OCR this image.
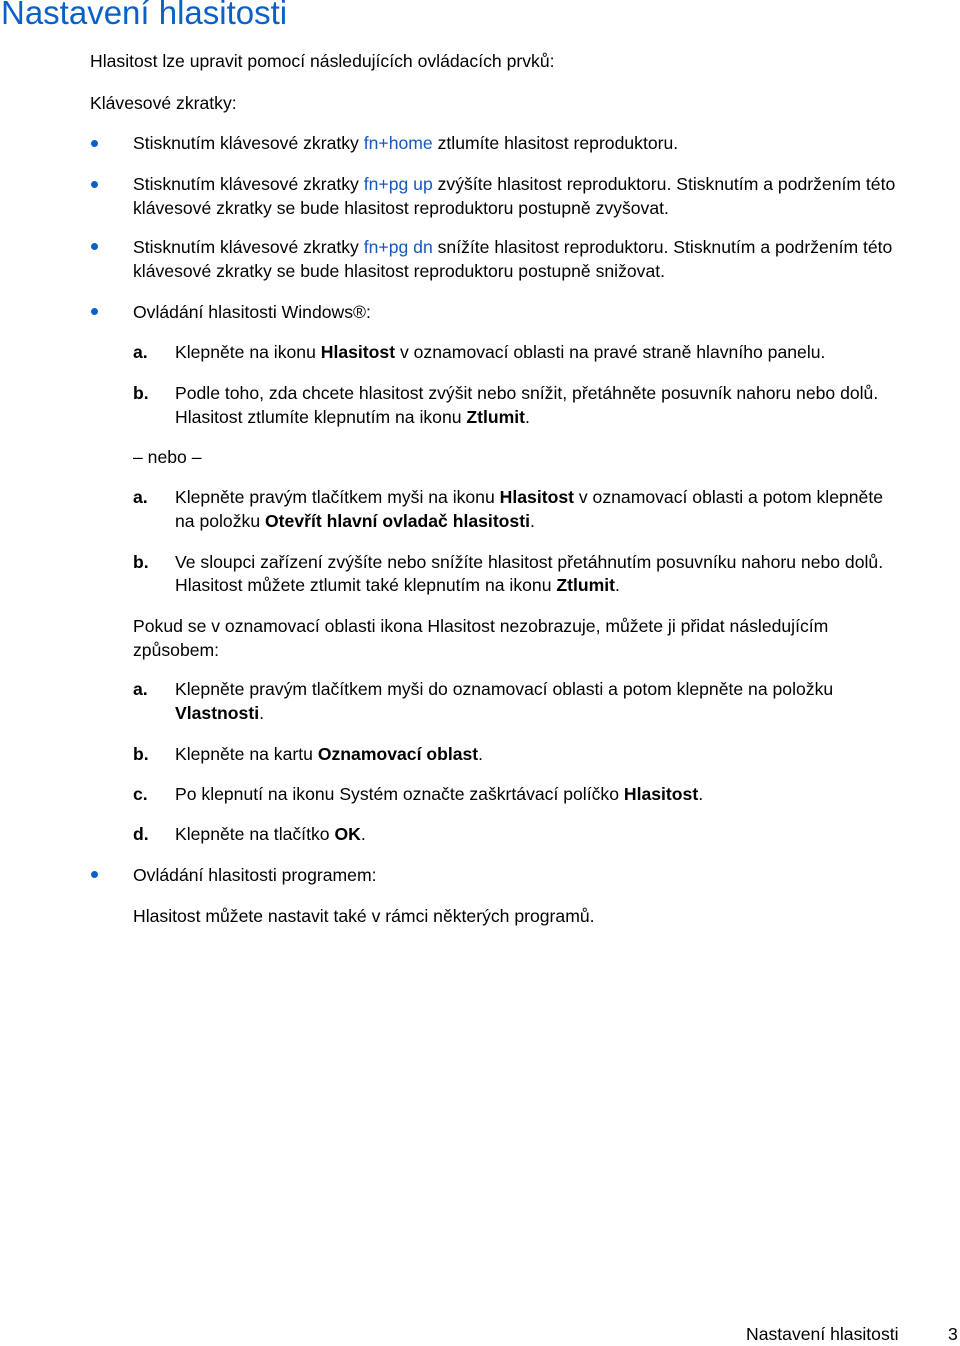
Nastavení hlasitosti
Hlasitost lze upravit pomocí následujících ovládacích prvků:
Klávesové zkratky:
Stisknutím klávesové zkratky fn+home ztlumíte hlasitost reproduktoru.
Stisknutím klávesové zkratky fn+pg up zvýšíte hlasitost reproduktoru. Stisknutím a podržením této
klávesové zkratky se bude hlasitost reproduktoru postupně zvyšovat.
Stisknutím klávesové zkratky fn+pg dn snížíte hlasitost reproduktoru. Stisknutím a podržením této
klávesové zkratky se bude hlasitost reproduktoru postupně snižovat.
Ovládání hlasitosti Windows®:
a. Klepněte na ikonu Hlasitost v oznamovací oblasti na pravé straně hlavního panelu.
b. Podle toho, zda chcete hlasitost zvýšit nebo snížit, přetáhněte posuvník nahoru nebo dolů.
Hlasitost ztlumíte klepnutím na ikonu Ztlumit.
– nebo –
a. Klepněte pravým tlačítkem myši na ikonu Hlasitost v oznamovací oblasti a potom klepněte
na položku Otevřít hlavní ovladač hlasitosti.
b. Ve sloupci zařízení zvýšíte nebo snížíte hlasitost přetáhnutím posuvníku nahoru nebo dolů.
Hlasitost můžete ztlumit také klepnutím na ikonu Ztlumit.
Pokud se v oznamovací oblasti ikona Hlasitost nezobrazuje, můžete ji přidat následujícím
způsobem:
a. Klepněte pravým tlačítkem myši do oznamovací oblasti a potom klepněte na položku
Vlastnosti.
b. Klepněte na kartu Oznamovací oblast.
c. Po klepnutí na ikonu Systém označte zaškrtávací políčko Hlasitost.
d. Klepněte na tlačítko OK.
Ovládání hlasitosti programem:
Hlasitost můžete nastavit také v rámci některých programů.
Nastavení hlasitosti	3
